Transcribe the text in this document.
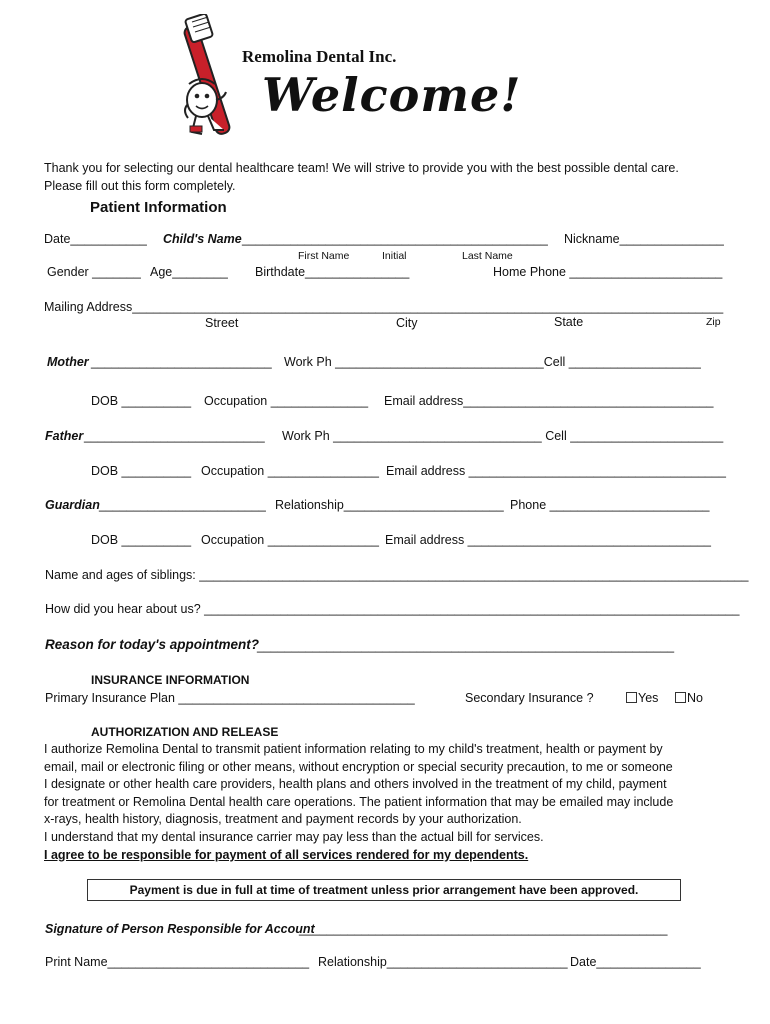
Remolina Dental Inc.
Welcome!
Thank you for selecting our dental healthcare team! We will strive to provide you with the best possible dental care.
Please fill out this form completely.
Patient Information
Date___________ Child's Name ____________________________________________ Nickname_______________
First Name	Initial	Last Name
Gender _______ Age________ Birthdate_______________	Home Phone ______________________
Mailing Address_____________________________________________________________________________________
Street	City	State	Zip
Mother __________________________ Work Ph ______________________________Cell ___________________
DOB __________ Occupation ______________ Email address____________________________________
Father __________________________ Work Ph ______________________________ Cell ______________________
DOB __________ Occupation ________________ Email address _____________________________________
Guardian ________________________ Relationship_______________________ Phone _______________________
DOB __________ Occupation ________________ Email address ___________________________________
Name and ages of siblings: _______________________________________________________________________________
How did you hear about us? _____________________________________________________________________________
Reason for today's appointment?
____________________________________________________________
INSURANCE INFORMATION
Primary Insurance Plan __________________________________	Secondary Insurance ?	Yes	No
AUTHORIZATION AND RELEASE
I authorize Remolina Dental to transmit patient information relating to my child's treatment, health or payment by
email, mail or electronic filing or other means, without encryption or special security precaution, to me or someone
I designate or other health care providers, health plans and others involved in the treatment of my child, payment
for treatment or Remolina Dental health care operations. The patient information that may be emailed may include
x-rays, health history, diagnosis, treatment and payment records by your authorization.
I understand that my dental insurance carrier may pay less than the actual bill for services.
I agree to be responsible for payment of all services rendered for my dependents.
Payment is due in full at time of treatment unless prior arrangement have been approved.
Signature of Person Responsible for Account
_____________________________________________________
Print Name_____________________________ Relationship__________________________ Date_______________
